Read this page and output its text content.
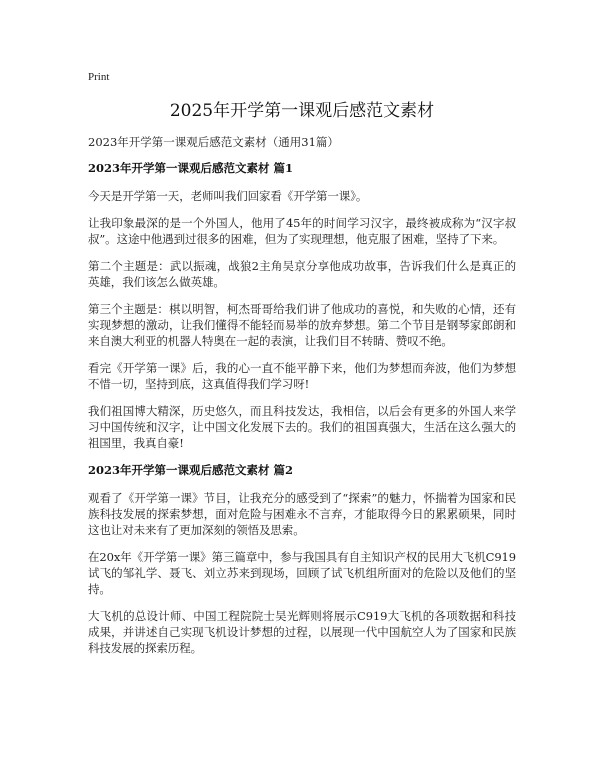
Print
2025年开学第一课观后感范文素材
2023年开学第一课观后感范文素材（通用31篇）
2023年开学第一课观后感范文素材 篇1

今天是开学第一天，老师叫我们回家看《开学第一课》。

让我印象最深的是一个外国人，他用了45年的时间学习汉字，最终被成称为“汉字叔叔”。这途中他遇到过很多的困难，但为了实现理想，他克服了困难，坚持了下来。

第二个主题是：武以振魂，战狼2主角吴京分享他成功故事，告诉我们什么是真正的英雄，我们该怎么做英雄。

第三个主题是：棋以明智，柯杰哥哥给我们讲了他成功的喜悦，和失败的心情，还有实现梦想的激动，让我们懂得不能轻而易举的放弃梦想。第二个节目是钢琴家郎朗和来自澳大利亚的机器人特奥在一起的表演，让我们目不转睛、赞叹不绝。

看完《开学第一课》后，我的心一直不能平静下来，他们为梦想而奔波，他们为梦想不惜一切，坚持到底，这真值得我们学习呀!

我们祖国博大精深，历史悠久，而且科技发达，我相信，以后会有更多的外国人来学习中国传统和汉字，让中国文化发展下去的。我们的祖国真强大，生活在这么强大的祖国里，我真自豪!

2023年开学第一课观后感范文素材 篇2

观看了《开学第一课》节目，让我充分的感受到了“探索”的魅力，怀揣着为国家和民族科技发展的探索梦想，面对危险与困难永不言弃，才能取得今日的累累硕果，同时这也让对未来有了更加深刻的领悟及思索。

在20x年《开学第一课》第三篇章中，参与我国具有自主知识产权的民用大飞机C919试飞的邹礼学、聂飞、刘立苏来到现场，回顾了试飞机组所面对的危险以及他们的坚持。

大飞机的总设计师、中国工程院院士吴光辉则将展示C919大飞机的各项数据和科技成果，并讲述自己实现飞机设计梦想的过程，以展现一代中国航空人为了国家和民族科技发展的探索历程。
